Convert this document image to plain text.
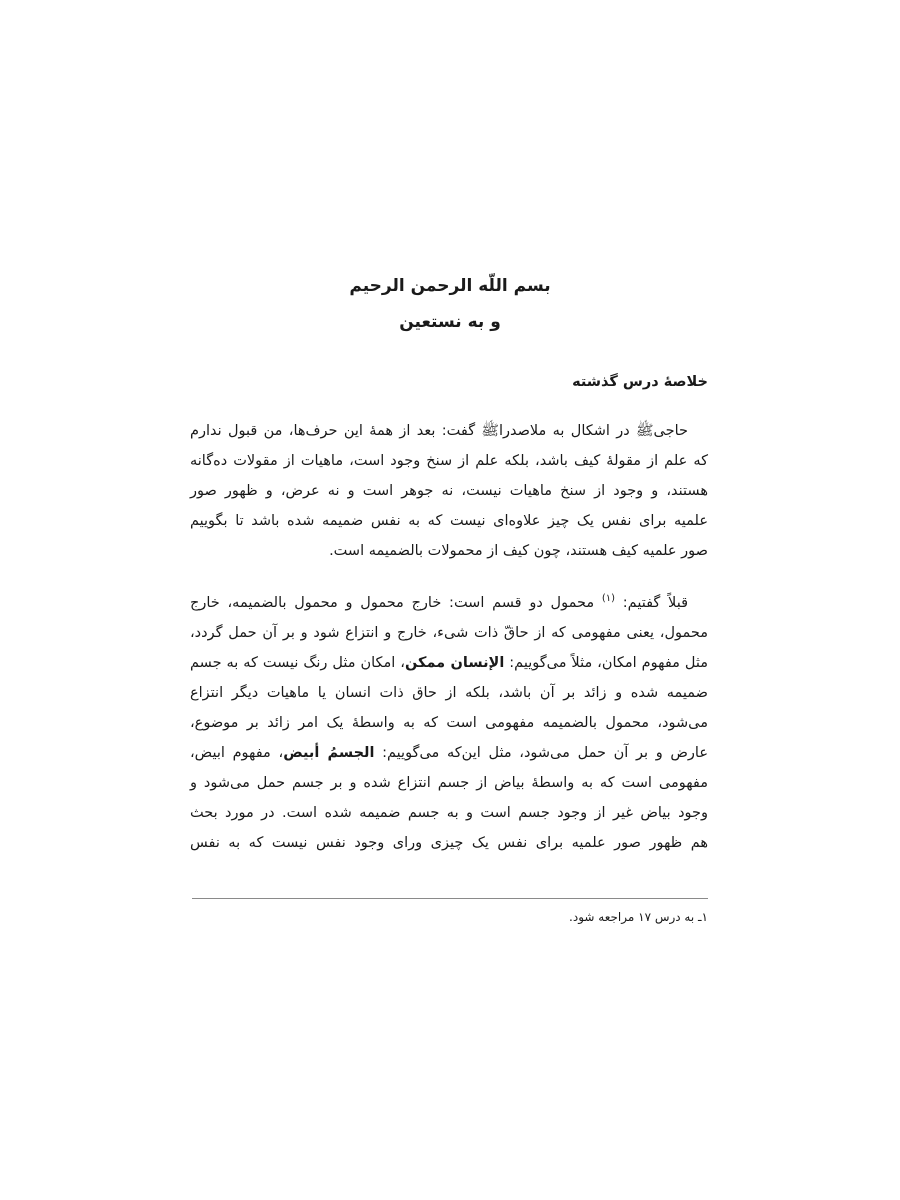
بسم اللّه الرحمن الرحیم

و به نستعین

خلاصهٔ درس گذشته

حاجیﷺ در اشکال به ملاصدراﷺ گفت: بعد از همهٔ این حرف‌ها، من قبول ندارم
که علم از مقولهٔ کیف باشد، بلکه علم از سنخ وجود است، ماهیات از مقولات ده‌گانه
هستند، و وجود از سنخ ماهیات نیست، نه جوهر است و نه عرض، و ظهور صور
علمیه برای نفس یک چیز علاوه‌ای نیست که به نفس ضمیمه شده باشد تا بگوییم
صور علمیه کیف هستند، چون کیف از محمولات بالضمیمه است.
قبلاً گفتیم: $^{(۱)}$ محمول دو قسم است: خارج محمول و محمول بالضمیمه، خارج
محمول، یعنی مفهومی که از حاقّ ذات شیء، خارج و انتزاع شود و بر آن حمل گردد،
مثل مفهوم امکان، مثلاً می‌گوییم: الإنسان ممکن، امکان مثل رنگ نیست که به جسم
ضمیمه شده و زائد بر آن باشد، بلکه از حاق ذات انسان یا ماهیات دیگر انتزاع
می‌شود، محمول بالضمیمه مفهومی است که به واسطهٔ یک امر زائد بر موضوع،
عارض و بر آن حمل می‌شود، مثل این‌که می‌گوییم: الجسمُ أبیض، مفهوم ابیض،
مفهومی است که به واسطهٔ بیاض از جسم انتزاع شده و بر جسم حمل می‌شود و
وجود بیاض غیر از وجود جسم است و به جسم ضمیمه شده است. در مورد بحث
هم ظهور صور علمیه برای نفس یک چیزی ورای وجود نفس نیست که به نفس

۱ـ به درس ۱۷ مراجعه شود.
